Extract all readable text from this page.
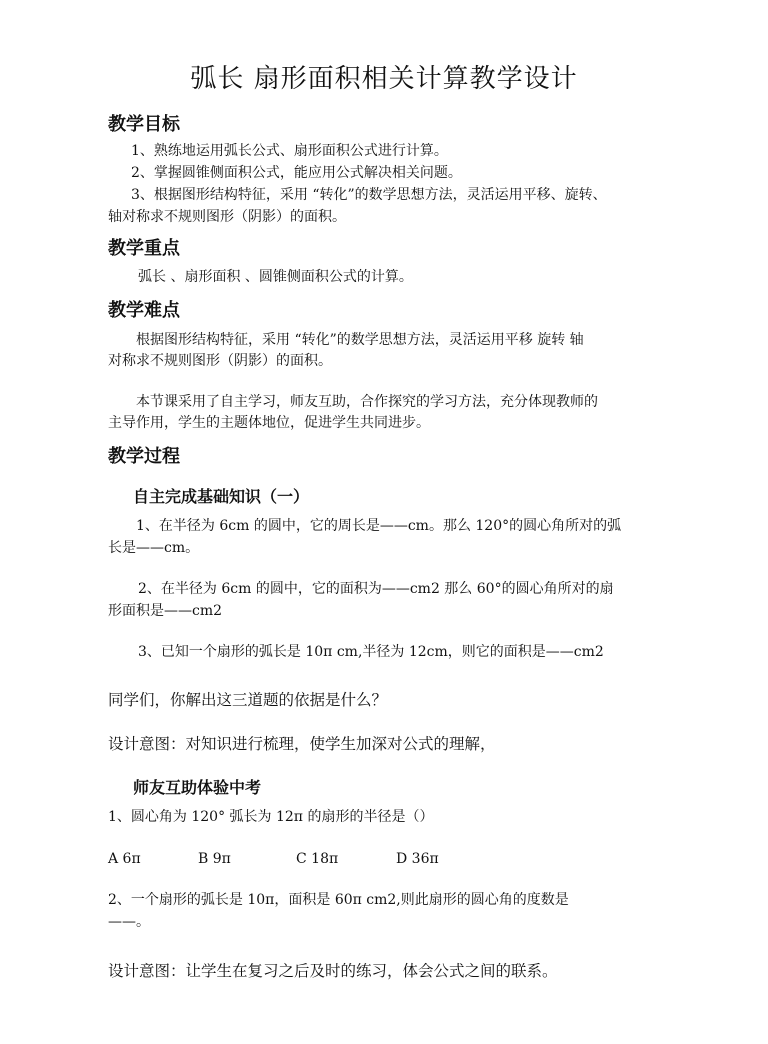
弧长 扇形面积相关计算教学设计
教学目标
1、熟练地运用弧长公式、扇形面积公式进行计算。
2、掌握圆锥侧面积公式，能应用公式解决相关问题。
3、根据图形结构特征，采用 “转化”的数学思想方法，灵活运用平移、旋转、
轴对称求不规则图形（阴影）的面积。
教学重点
弧长 、扇形面积 、圆锥侧面积公式的计算。
教学难点
根据图形结构特征，采用 “转化”的数学思想方法，灵活运用平移 旋转 轴
对称求不规则图形（阴影）的面积。
本节课采用了自主学习，师友互助，合作探究的学习方法，充分体现教师的
主导作用，学生的主题体地位，促进学生共同进步。
教学过程
自主完成基础知识（一）
1、在半径为 6cm 的圆中，它的周长是——cm。那么 120°的圆心角所对的弧
长是——cm。
2、在半径为 6cm 的圆中，它的面积为——cm2 那么 60°的圆心角所对的扇
形面积是——cm2
3、已知一个扇形的弧长是 10π cm,半径为 12cm，则它的面积是——cm2
同学们，你解出这三道题的依据是什么？
设计意图：对知识进行梳理，使学生加深对公式的理解，
师友互助体验中考
1、圆心角为 120° 弧长为 12π 的扇形的半径是（）
A 6π	B 9π	C 18π	D 36π
2、一个扇形的弧长是 10π，面积是 60π cm2,则此扇形的圆心角的度数是
——。
设计意图：让学生在复习之后及时的练习，体会公式之间的联系。
